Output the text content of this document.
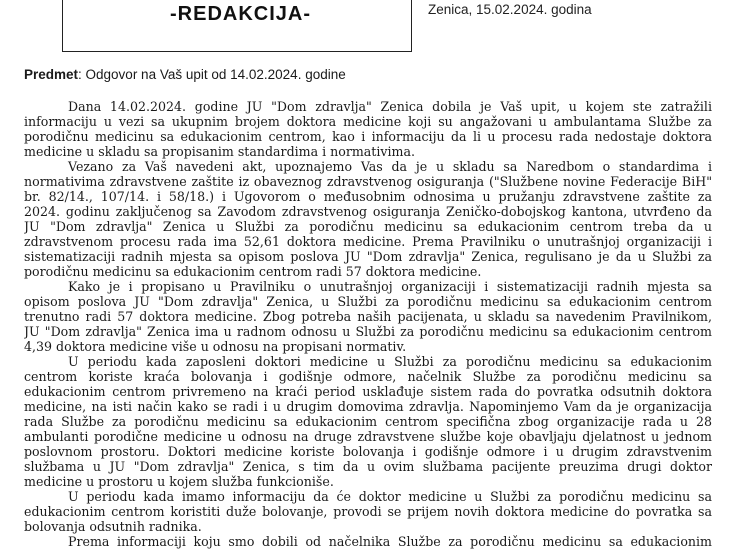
-REDAKCIJA-	Zenica, 15.02.2024. godina
Predmet: Odgovor na Vaš upit od 14.02.2024. godine

Dana 14.02.2024. godine JU "Dom zdravlja" Zenica dobila je Vaš upit, u kojem ste zatražili

informaciju u vezi sa ukupnim brojem doktora medicine koji su angažovani u ambulantama Službe za

porodičnu medicinu sa edukacionim centrom, kao i informaciju da li u procesu rada nedostaje doktora

medicine u skladu sa propisanim standardima i normativima.

Vezano za Vaš navedeni akt, upoznajemo Vas da je u skladu sa Naredbom o standardima i

normativima zdravstvene zaštite iz obaveznog zdravstvenog osiguranja ("Službene novine Federacije BiH"

br. 82/14., 107/14. i 58/18.) i Ugovorom o međusobnim odnosima u pružanju zdravstvene zaštite za

2024. godinu zaključenog sa Zavodom zdravstvenog osiguranja Zeničko-dobojskog kantona, utvrđeno da

JU "Dom zdravlja" Zenica u Službi za porodičnu medicinu sa edukacionim centrom treba da u

zdravstvenom procesu rada ima 52,61 doktora medicine. Prema Pravilniku o unutrašnjoj organizaciji i

sistematizaciji radnih mjesta sa opisom poslova JU "Dom zdravlja" Zenica, regulisano je da u Službi za

porodičnu medicinu sa edukacionim centrom radi 57 doktora medicine.

Kako je i propisano u Pravilniku o unutrašnjoj organizaciji i sistematizaciji radnih mjesta sa

opisom poslova JU "Dom zdravlja" Zenica, u Službi za porodičnu medicinu sa edukacionim centrom

trenutno radi 57 doktora medicine. Zbog potreba naših pacijenata, u skladu sa navedenim Pravilnikom,

JU "Dom zdravlja" Zenica ima u radnom odnosu u Službi za porodičnu medicinu sa edukacionim centrom

4,39 doktora medicine više u odnosu na propisani normativ.

U periodu kada zaposleni doktori medicine u Službi za porodičnu medicinu sa edukacionim

centrom koriste kraća bolovanja i godišnje odmore, načelnik Službe za porodičnu medicinu sa

edukacionim centrom privremeno na kraći period usklađuje sistem rada do povratka odsutnih doktora

medicine, na isti način kako se radi i u drugim domovima zdravlja. Napominjemo Vam da je organizacija

rada Službe za porodičnu medicinu sa edukacionim centrom specifična zbog organizacije rada u 28

ambulanti porodične medicine u odnosu na druge zdravstvene službe koje obavljaju djelatnost u jednom

poslovnom prostoru. Doktori medicine koriste bolovanja i godišnje odmore i u drugim zdravstvenim

službama u JU "Dom zdravlja" Zenica, s tim da u ovim službama pacijente preuzima drugi doktor

medicine u prostoru u kojem služba funkcioniše.

U periodu kada imamo informaciju da će doktor medicine u Službi za porodičnu medicinu sa

edukacionim centrom koristiti duže bolovanje, provodi se prijem novih doktora medicine do povratka sa

bolovanja odsutnih radnika.

Prema informaciji koju smo dobili od načelnika Službe za porodičnu medicinu sa edukacionim
